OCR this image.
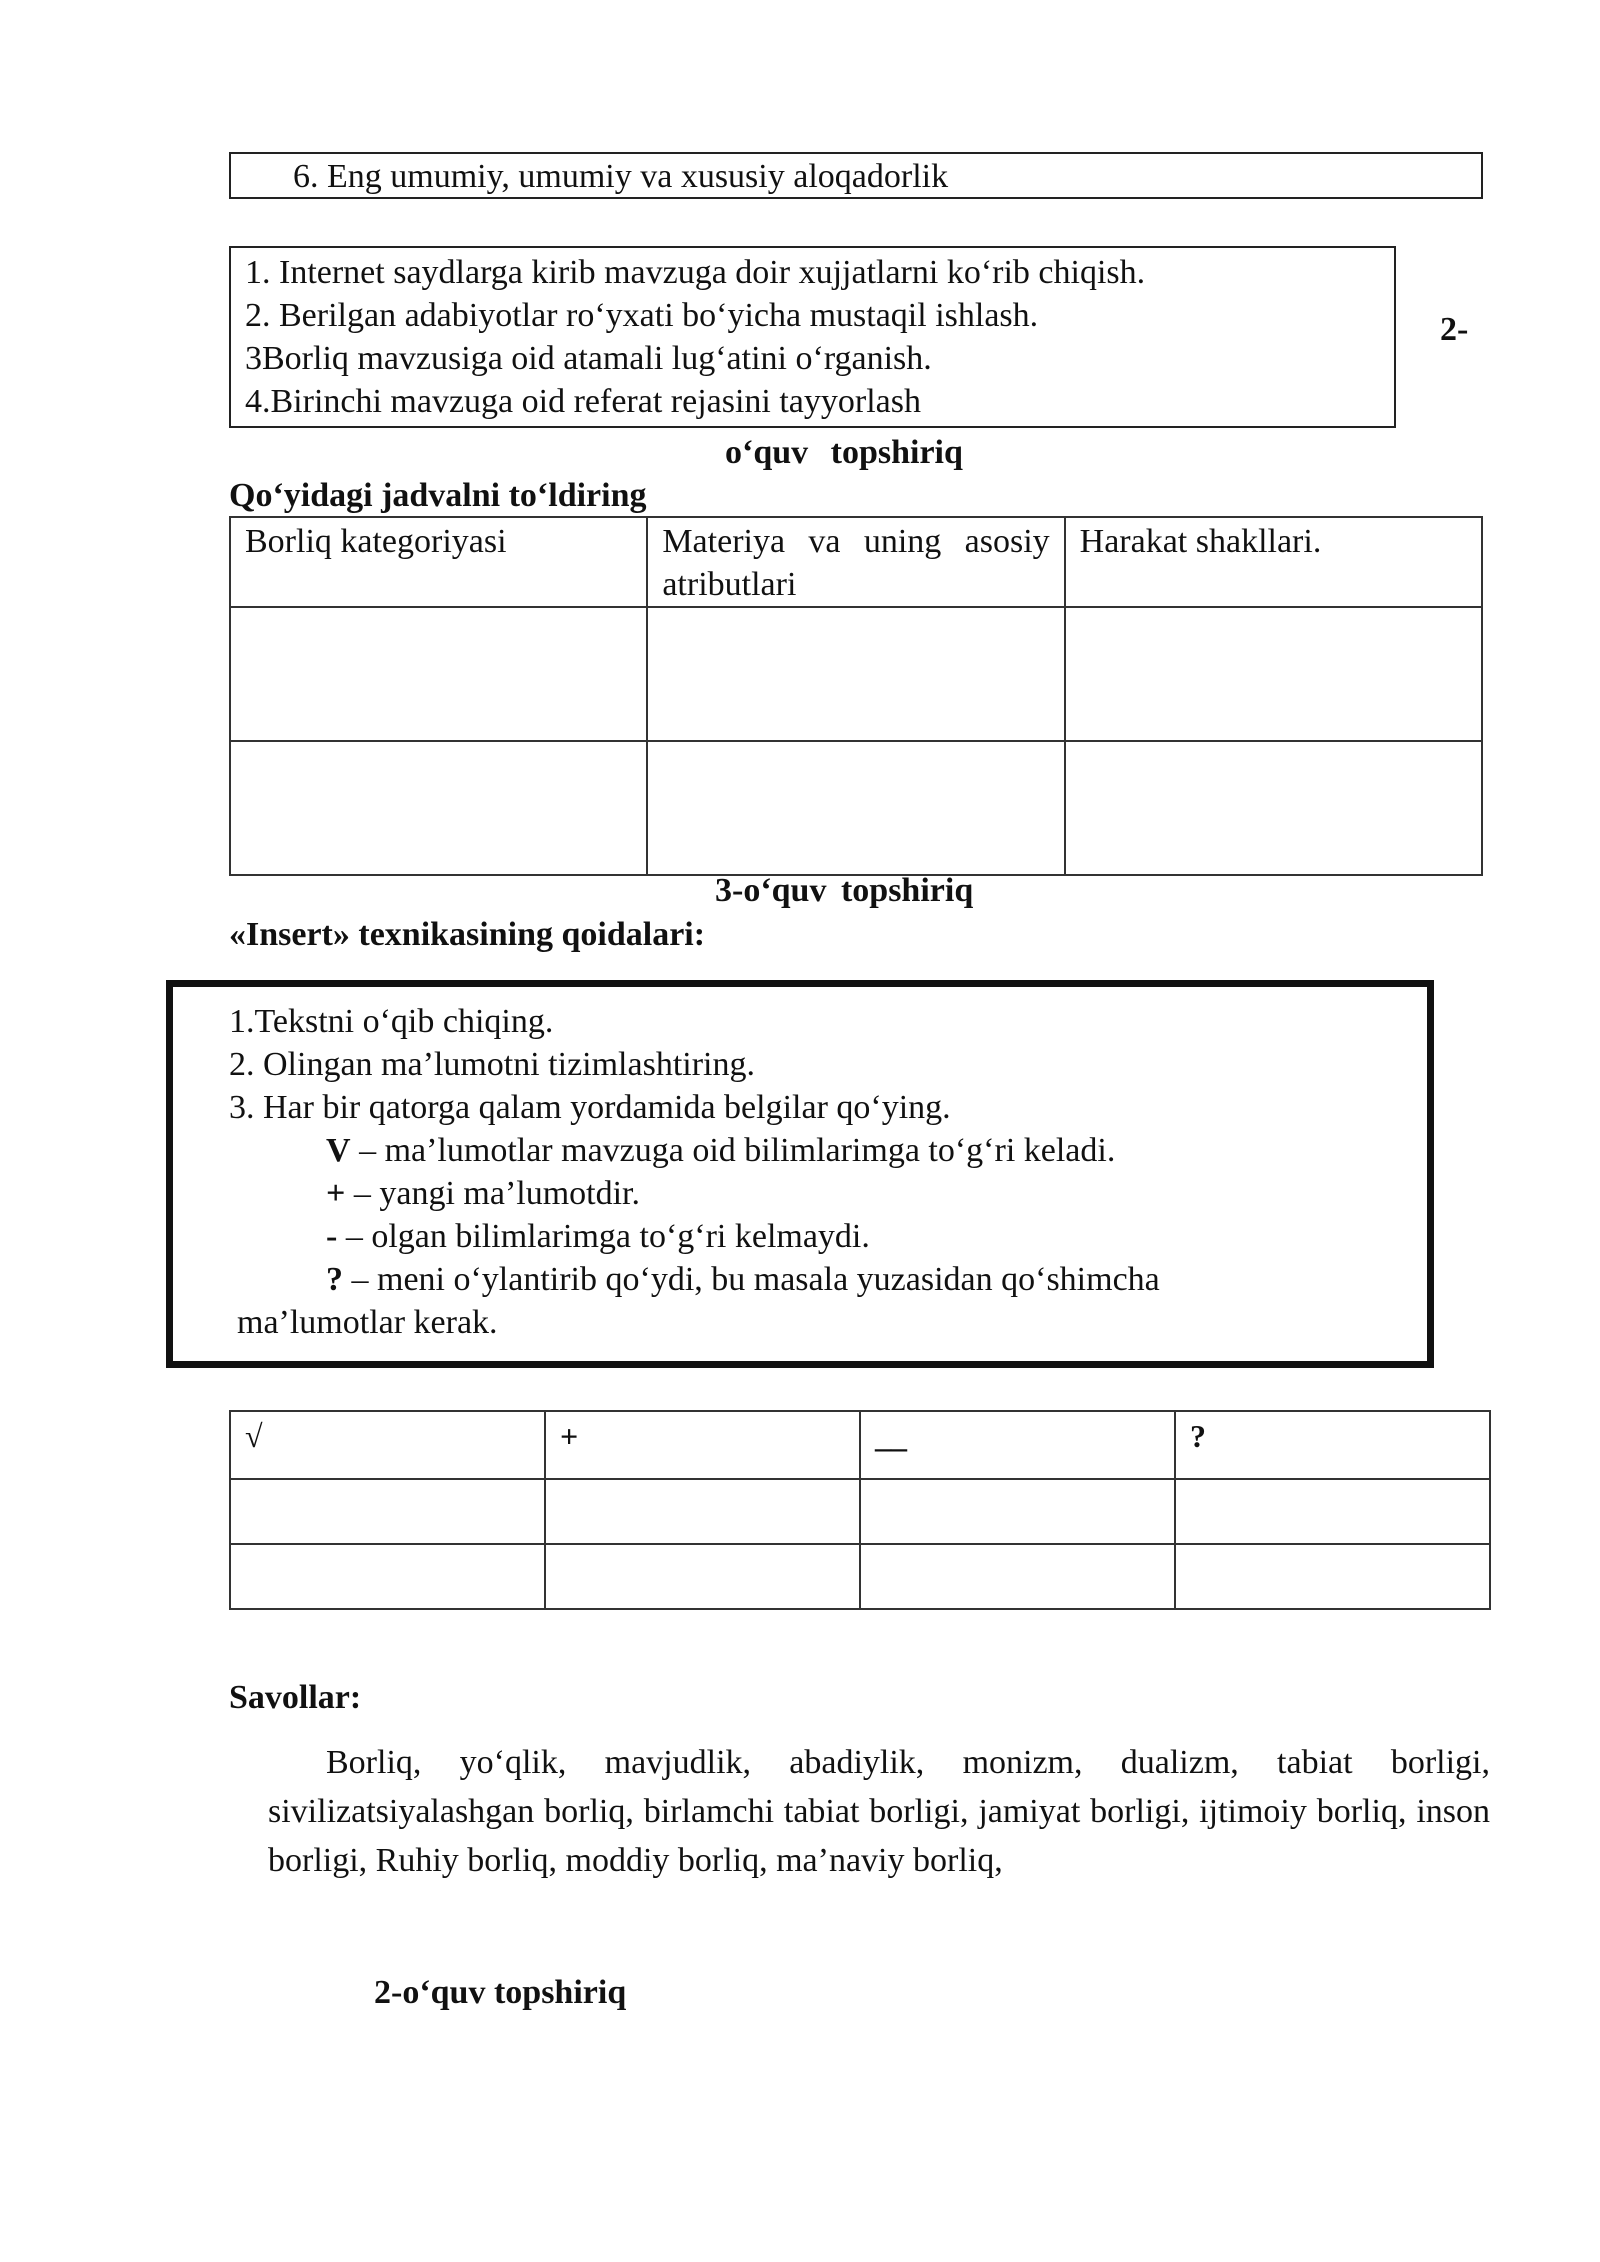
6. Eng umumiy, umumiy va xususiy aloqadorlik
1. Internet saydlarga kirib mavzuga doir xujjatlarni ko‘rib chiqish.
2. Berilgan adabiyotlar ro‘yxati bo‘yicha mustaqil ishlash.
3Borliq mavzusiga oid atamali lug‘atini o‘rganish.
4.Birinchi mavzuga oid referat rejasini tayyorlash
2-
o‘quv topshiriq
Qo‘yidagi jadvalni to‘ldiring
Borliq kategoriyasi	Materiya va uning asosiy atributlari	Harakat shakllari.

3-o‘quv topshiriq
«Insert» texnikasining qoidalari:
1.Tekstni o‘qib chiqing.
2. Olingan ma’lumotni tizimlashtiring.
3. Har bir qatorga qalam yordamida belgilar qo‘ying.
V – ma’lumotlar mavzuga oid bilimlarimga to‘g‘ri keladi.
+ – yangi ma’lumotdir.
- – olgan bilimlarimga to‘g‘ri kelmaydi.
? – meni o‘ylantirib qo‘ydi, bu masala yuzasidan qo‘shimcha
ma’lumotlar kerak.
√	+	__	?

Savollar:
Borliq, yo‘qlik, mavjudlik, abadiylik, monizm, dualizm, tabiat borligi, sivilizatsiyalashgan borliq, birlamchi tabiat borligi, jamiyat borligi, ijtimoiy borliq, inson borligi, Ruhiy borliq, moddiy borliq, ma’naviy borliq,
2-o‘quv topshiriq
